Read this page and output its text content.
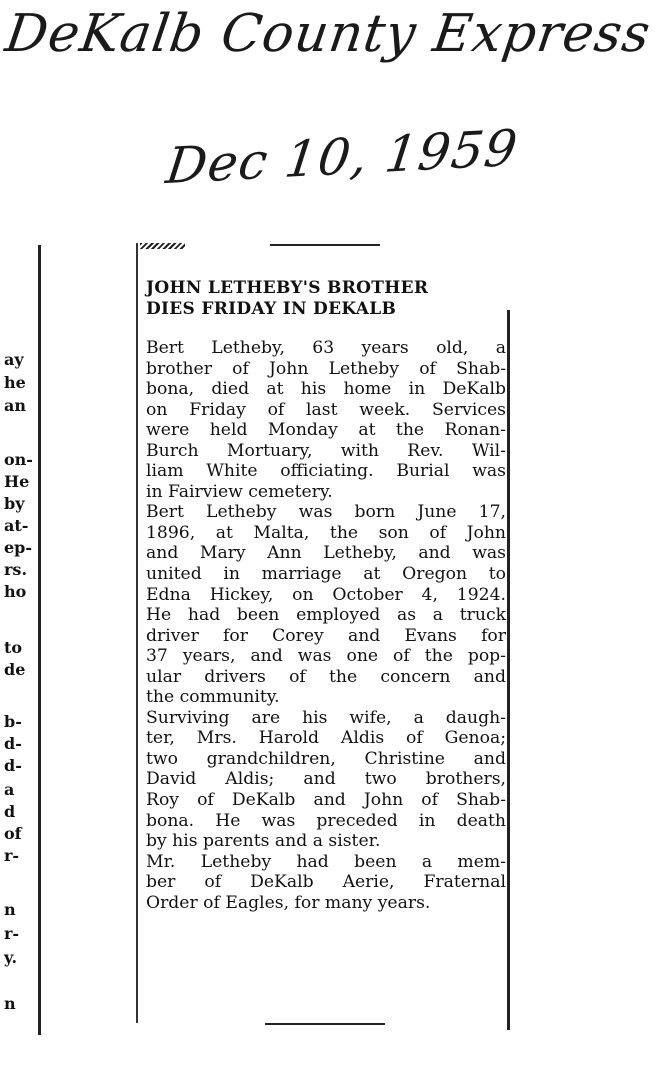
DeKalb County Express
Dec 10, 1959
ay
he
an
on-
He
by
at-
ep-
rs.
ho
to
de
b-
d-
d-
a
d
of
r-
n
r-
y.
n
JOHN LETHEBY'S BROTHER
DIES FRIDAY IN DEKALB
Bert Letheby, 63 years old, a
brother of John Letheby of Shab-
bona, died at his home in DeKalb
on Friday of last week. Services
were held Monday at the Ronan-
Burch Mortuary, with Rev. Wil-
liam White officiating. Burial was
in Fairview cemetery.
Bert Letheby was born June 17,
1896, at Malta, the son of John
and Mary Ann Letheby, and was
united in marriage at Oregon to
Edna Hickey, on October 4, 1924.
He had been employed as a truck
driver for Corey and Evans for
37 years, and was one of the pop-
ular drivers of the concern and
the community.
Surviving are his wife, a daugh-
ter, Mrs. Harold Aldis of Genoa;
two grandchildren, Christine and
David Aldis; and two brothers,
Roy of DeKalb and John of Shab-
bona. He was preceded in death
by his parents and a sister.
Mr. Letheby had been a mem-
ber of DeKalb Aerie, Fraternal
Order of Eagles, for many years.
